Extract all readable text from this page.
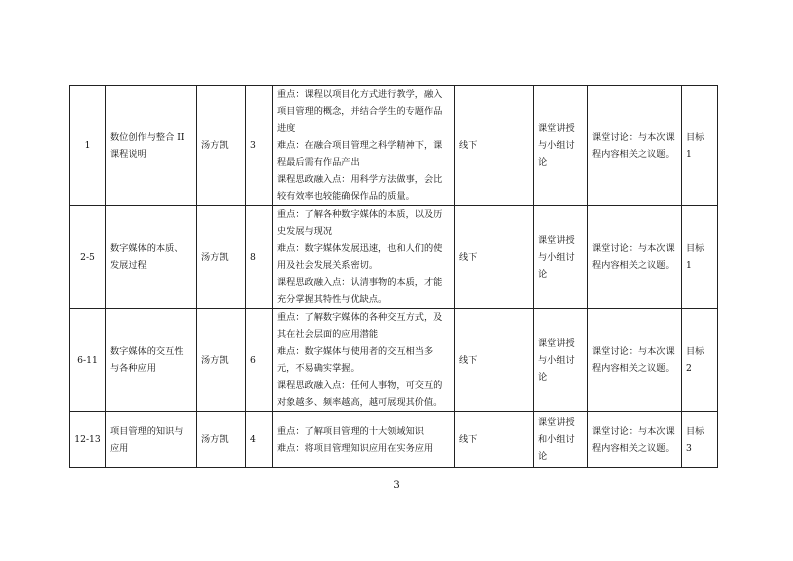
1	数位创作与整合 II 课程说明	汤方凯	3	重点：课程以项目化方式进行教学，融入项目管理的概念，并结合学生的专题作品进度
难点：在融合项目管理之科学精神下，课程最后需有作品产出
课程思政融入点：用科学方法做事，会比较有效率也较能确保作品的质量。	线下	课堂讲授与小组讨论	课堂讨论：与本次课程内容相关之议题。	目标 1
2-5	数字媒体的本质、发展过程	汤方凯	8	重点：了解各种数字媒体的本质，以及历史发展与现况
难点：数字媒体发展迅速，也和人们的使用及社会发展关系密切。
课程思政融入点：认清事物的本质，才能充分掌握其特性与优缺点。	线下	课堂讲授与小组讨论	课堂讨论：与本次课程内容相关之议题。	目标 1
6-11	数字媒体的交互性与各种应用	汤方凯	6	重点：了解数字媒体的各种交互方式，及其在社会层面的应用潜能
难点：数字媒体与使用者的交互相当多元，不易确实掌握。
课程思政融入点：任何人事物，可交互的对象越多、频率越高，越可展现其价值。	线下	课堂讲授与小组讨论	课堂讨论：与本次课程内容相关之议题。	目标 2
12-13	项目管理的知识与应用	汤方凯	4	重点：了解项目管理的十大领域知识
难点：将项目管理知识应用在实务应用	线下	课堂讲授和小组讨论	课堂讨论：与本次课程内容相关之议题。	目标 3
3
